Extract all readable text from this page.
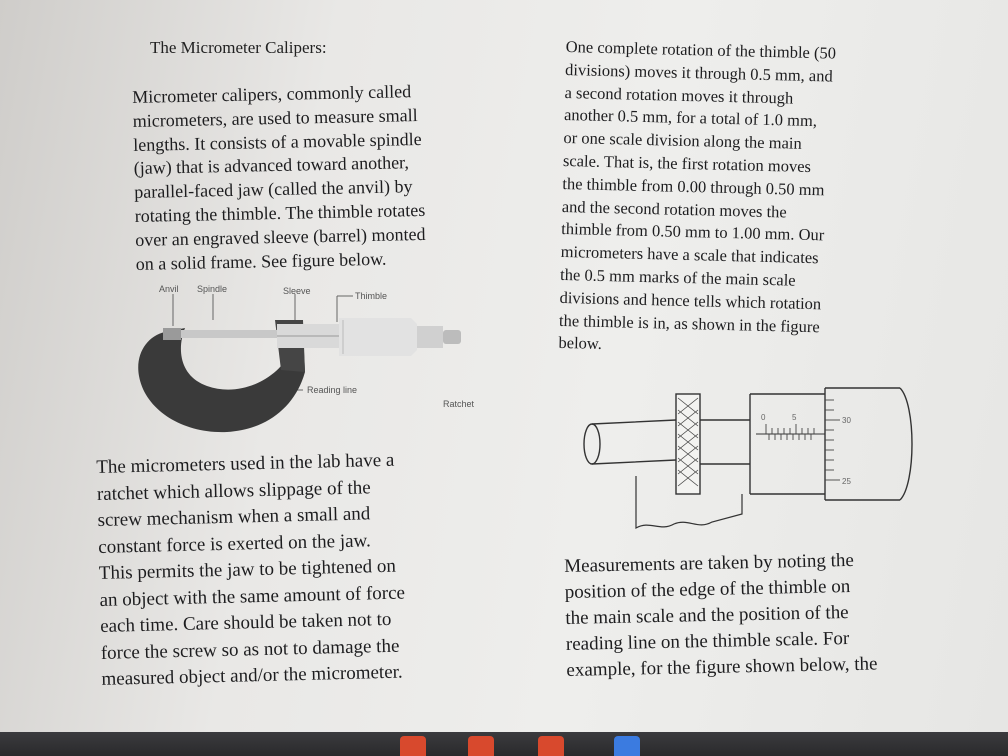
The Micrometer Calipers:

Micrometer calipers, commonly called
micrometers, are used to measure small
lengths. It consists of a movable spindle
(jaw) that is advanced toward another,
parallel-faced jaw (called the anvil) by
rotating the thimble. The thimble rotates
over an engraved sleeve (barrel) monted
on a solid frame. See figure below.

Anvil Spindle	Sleeve	Thimble
Reading line
Ratchet

The micrometers used in the lab have a
ratchet which allows slippage of the
screw mechanism when a small and
constant force is exerted on the jaw.
This permits the jaw to be tightened on
an object with the same amount of force
each time. Care should be taken not to
force the screw so as not to damage the
measured object and/or the micrometer.

One complete rotation of the thimble (50
divisions) moves it through 0.5 mm, and
a second rotation moves it through
another 0.5 mm, for a total of 1.0 mm,
or one scale division along the main
scale. That is, the first rotation moves
the thimble from 0.00 through 0.50 mm
and the second rotation moves the
thimble from 0.50 mm to 1.00 mm. Our
micrometers have a scale that indicates
the 0.5 mm marks of the main scale
divisions and hence tells which rotation
the thimble is in, as shown in the figure
below.

0	5	30
25

Measurements are taken by noting the
position of the edge of the thimble on
the main scale and the position of the
reading line on the thimble scale. For
example, for the figure shown below, the
